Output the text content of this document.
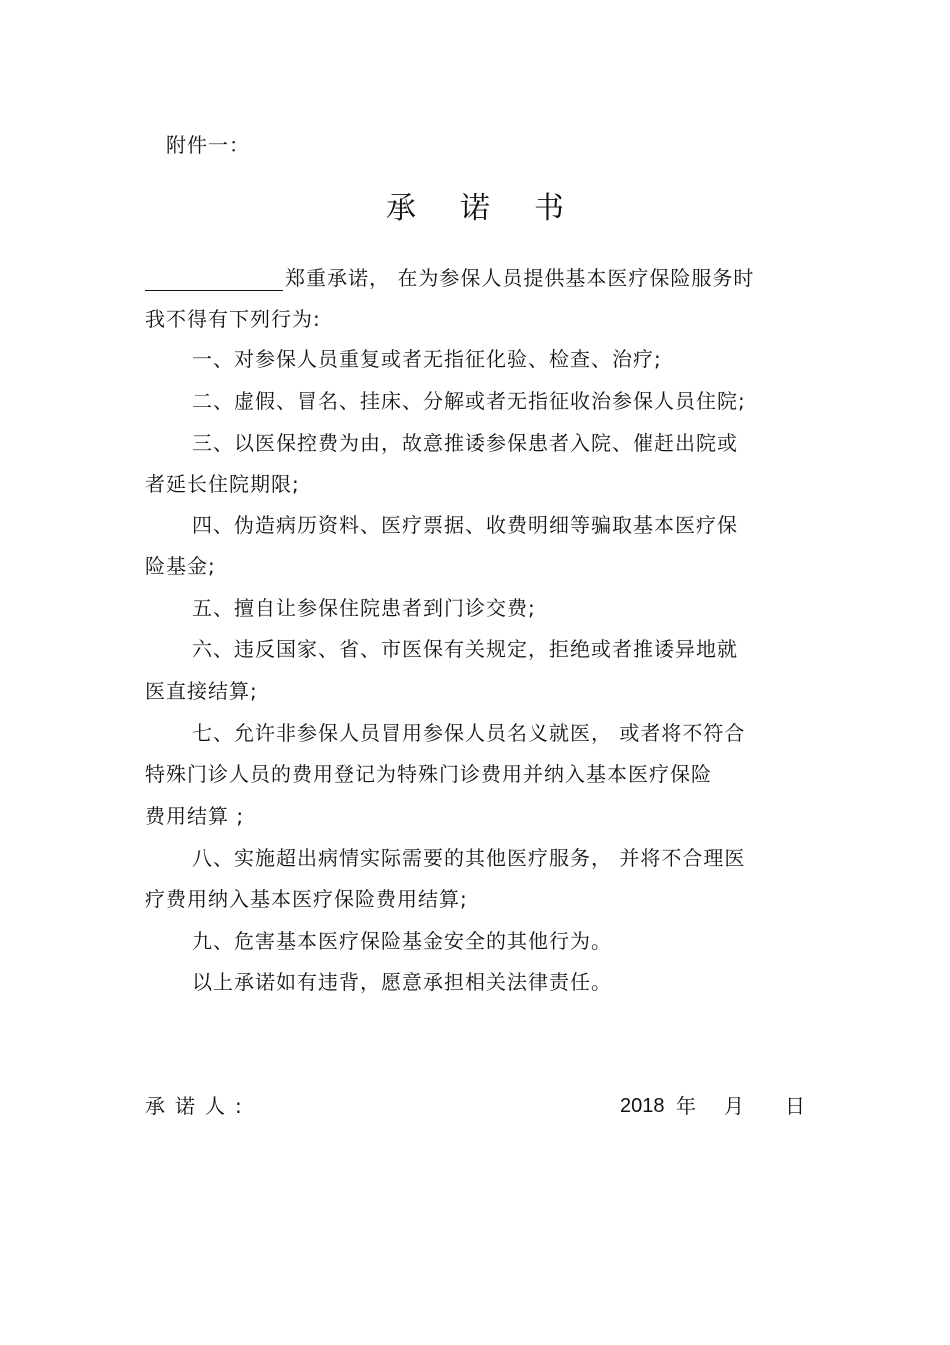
附件一：
承 诺 书
郑重承诺， 在为参保人员提供基本医疗保险服务时
我不得有下列行为:
一、对参保人员重复或者无指征化验、检查、治疗;
二、虚假、冒名、挂床、分解或者无指征收治参保人员住院;
三、以医保控费为由，故意推诿参保患者入院、催赶出院或
者延长住院期限;
四、伪造病历资料、医疗票据、收费明细等骗取基本医疗保
险基金;
五、擅自让参保住院患者到门诊交费;
六、违反国家、省、市医保有关规定，拒绝或者推诿异地就
医直接结算;
七、允许非参保人员冒用参保人员名义就医， 或者将不符合
特殊门诊人员的费用登记为特殊门诊费用并纳入基本医疗保险
费用结算 ;
八、实施超出病情实际需要的其他医疗服务， 并将不合理医
疗费用纳入基本医疗保险费用结算;
九、危害基本医疗保险基金安全的其他行为。
以上承诺如有违背，愿意承担相关法律责任。
承诺人:	2018 年 月 日
